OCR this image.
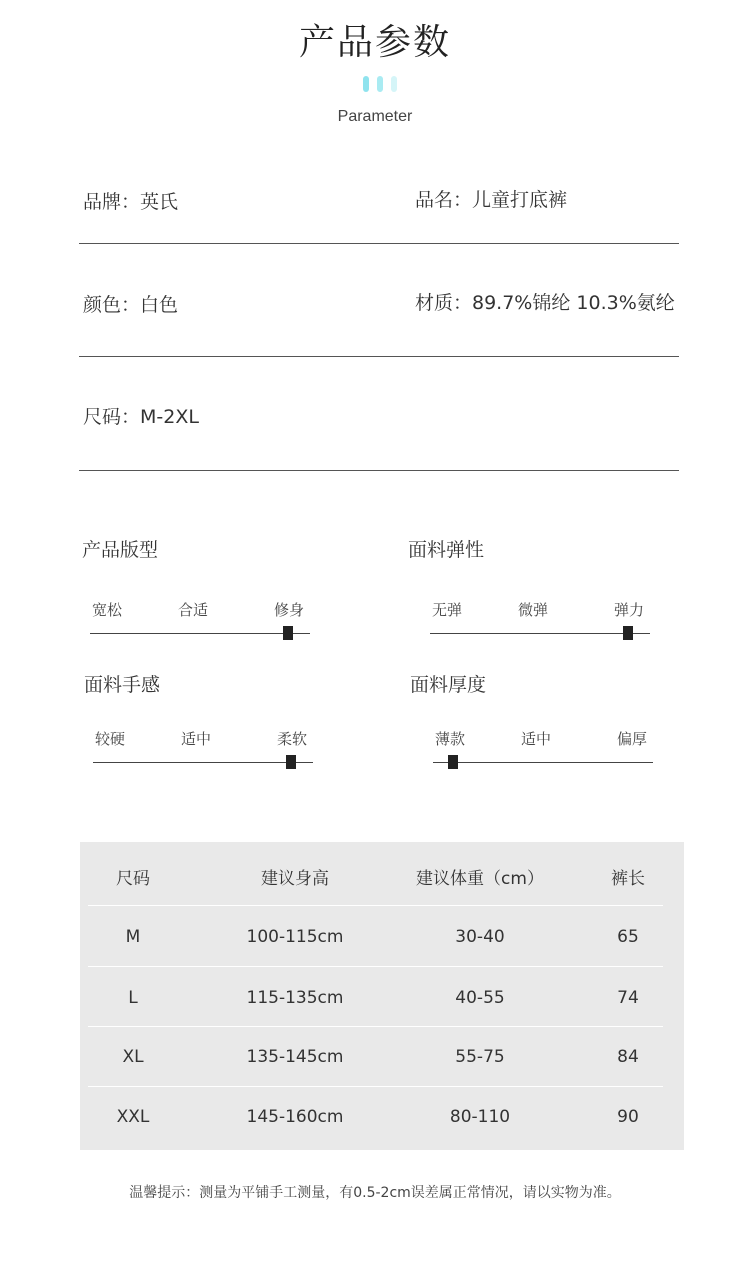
产品参数
Parameter
品牌：英氏	品名：儿童打底裤
颜色：白色	材质：89.7%锦纶 10.3%氨纶
尺码：M-2XL
产品版型
宽松	合适	修身
面料弹性
无弹	微弹	弹力
面料手感
较硬	适中	柔软
面料厚度
薄款	适中	偏厚
尺码	建议身高	建议体重（cm）	裤长
M	100-115cm	30-40	65
L	115-135cm	40-55	74
XL	135-145cm	55-75	84
XXL	145-160cm	80-110	90
温馨提示：测量为平铺手工测量，有0.5-2cm误差属正常情况，请以实物为准。
